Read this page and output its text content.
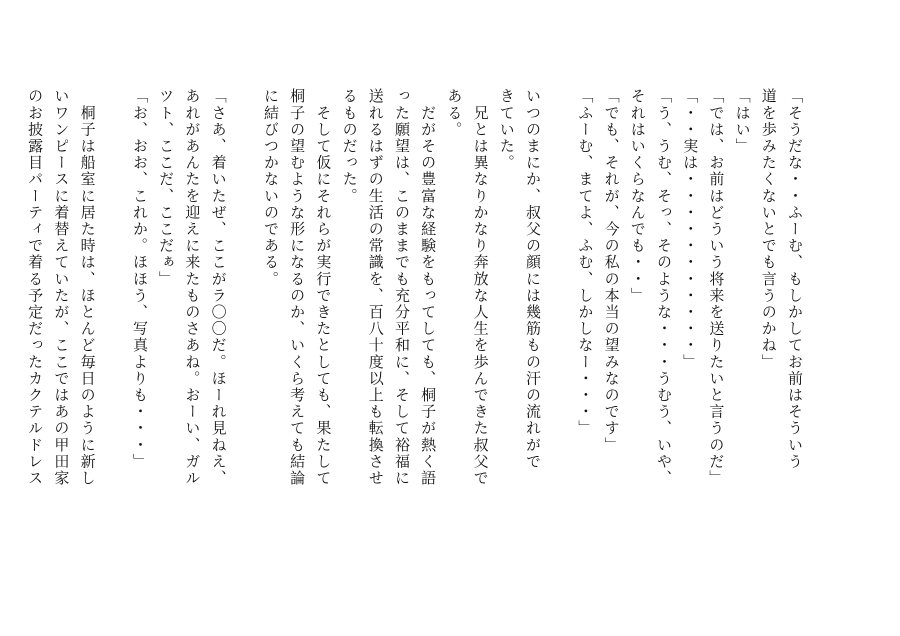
「そうだな・・ふーむ、もしかしてお前はそういう
道を歩みたくないとでも言うのかね」
「はい」
「では、お前はどういう将来を送りたいと言うのだ」
「・・実は・・・・・・・・・・・」
「う、うむ、そっ、そのような・・・うむう、いや、
それはいくらなんでも・・」
「でも、それが、今の私の本当の望みなのです」
「ふーむ、まてよ、ふむ、しかしなー・・・」
いつのまにか、叔父の顔には幾筋もの汗の流れがで
きていた。
　兄とは異なりかなり奔放な人生を歩んできた叔父で
ある。
　だがその豊富な経験をもってしても、桐子が熱く語
った願望は、このままでも充分平和に、そして裕福に
送れるはずの生活の常識を、百八十度以上も転換させ
るものだった。
　そして仮にそれらが実行できたとしても、果たして
桐子の望むような形になるのか、いくら考えても結論
に結びつかないのである。
「さあ、着いたぜ、ここがラ〇〇だ。ほーれ見ねえ、
あれがあんたを迎えに来たものさあね。おーい、ガル
ツト、ここだ、ここだぁ」
「お、おお、これか。ほほう、写真よりも・・・」
　桐子は船室に居た時は、ほとんど毎日のように新し
いワンピースに着替えていたが、ここではあの甲田家
のお披露目パーティで着る予定だったカクテルドレス
